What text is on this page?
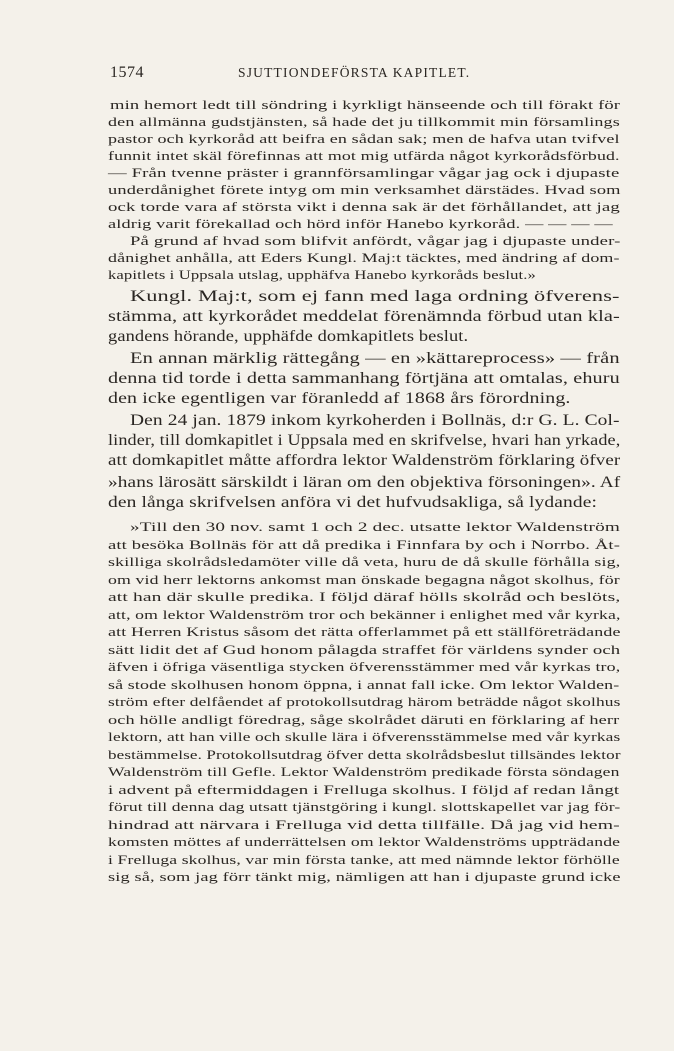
1574	SJUTTIONDEFÖRSTA KAPITLET.
min hemort ledt till söndring i kyrkligt hänseende och till förakt för
den allmänna gudstjänsten, så hade det ju tillkommit min församlings
pastor och kyrkoråd att beifra en sådan sak; men de hafva utan tvifvel
funnit intet skäl förefinnas att mot mig utfärda något kyrkorådsförbud.
— Från tvenne präster i grannförsamlingar vågar jag ock i djupaste
underdånighet förete intyg om min verksamhet därstädes. Hvad som
ock torde vara af största vikt i denna sak är det förhållandet, att jag
aldrig varit förekallad och hörd inför Hanebo kyrkoråd. — — — —
På grund af hvad som blifvit anfördt, vågar jag i djupaste under-
dånighet anhålla, att Eders Kungl. Maj:t täcktes, med ändring af dom-
kapitlets i Uppsala utslag, upphäfva Hanebo kyrkoråds beslut.»
Kungl. Maj:t, som ej fann med laga ordning öfverens-
stämma, att kyrkorådet meddelat förenämnda förbud utan kla-
gandens hörande, upphäfde domkapitlets beslut.
En annan märklig rättegång — en »kättareprocess» — från
denna tid torde i detta sammanhang förtjäna att omtalas, ehuru
den icke egentligen var föranledd af 1868 års förordning.
Den 24 jan. 1879 inkom kyrkoherden i Bollnäs, d:r G. L. Col-
linder, till domkapitlet i Uppsala med en skrifvelse, hvari han yrkade,
att domkapitlet måtte affordra lektor Waldenström förklaring öfver
»hans lärosätt särskildt i läran om den objektiva försoningen». Af
den långa skrifvelsen anföra vi det hufvudsakliga, så lydande:
»Till den 30 nov. samt 1 och 2 dec. utsatte lektor Waldenström
att besöka Bollnäs för att då predika i Finnfara by och i Norrbo. Åt-
skilliga skolrådsledamöter ville då veta, huru de då skulle förhålla sig,
om vid herr lektorns ankomst man önskade begagna något skolhus, för
att han där skulle predika. I följd däraf hölls skolråd och beslöts,
att, om lektor Waldenström tror och bekänner i enlighet med vår kyrka,
att Herren Kristus såsom det rätta offerlammet på ett ställföreträdande
sätt lidit det af Gud honom pålagda straffet för världens synder och
äfven i öfriga väsentliga stycken öfverensstämmer med vår kyrkas tro,
så stode skolhusen honom öppna, i annat fall icke. Om lektor Walden-
ström efter delfåendet af protokollsutdrag härom beträdde något skolhus
och hölle andligt föredrag, såge skolrådet däruti en förklaring af herr
lektorn, att han ville och skulle lära i öfverensstämmelse med vår kyrkas
bestämmelse. Protokollsutdrag öfver detta skolrådsbeslut tillsändes lektor
Waldenström till Gefle. Lektor Waldenström predikade första söndagen
i advent på eftermiddagen i Frelluga skolhus. I följd af redan långt
förut till denna dag utsatt tjänstgöring i kungl. slottskapellet var jag för-
hindrad att närvara i Frelluga vid detta tillfälle. Då jag vid hem-
komsten möttes af underrättelsen om lektor Waldenströms uppträdande
i Frelluga skolhus, var min första tanke, att med nämnde lektor förhölle
sig så, som jag förr tänkt mig, nämligen att han i djupaste grund icke
